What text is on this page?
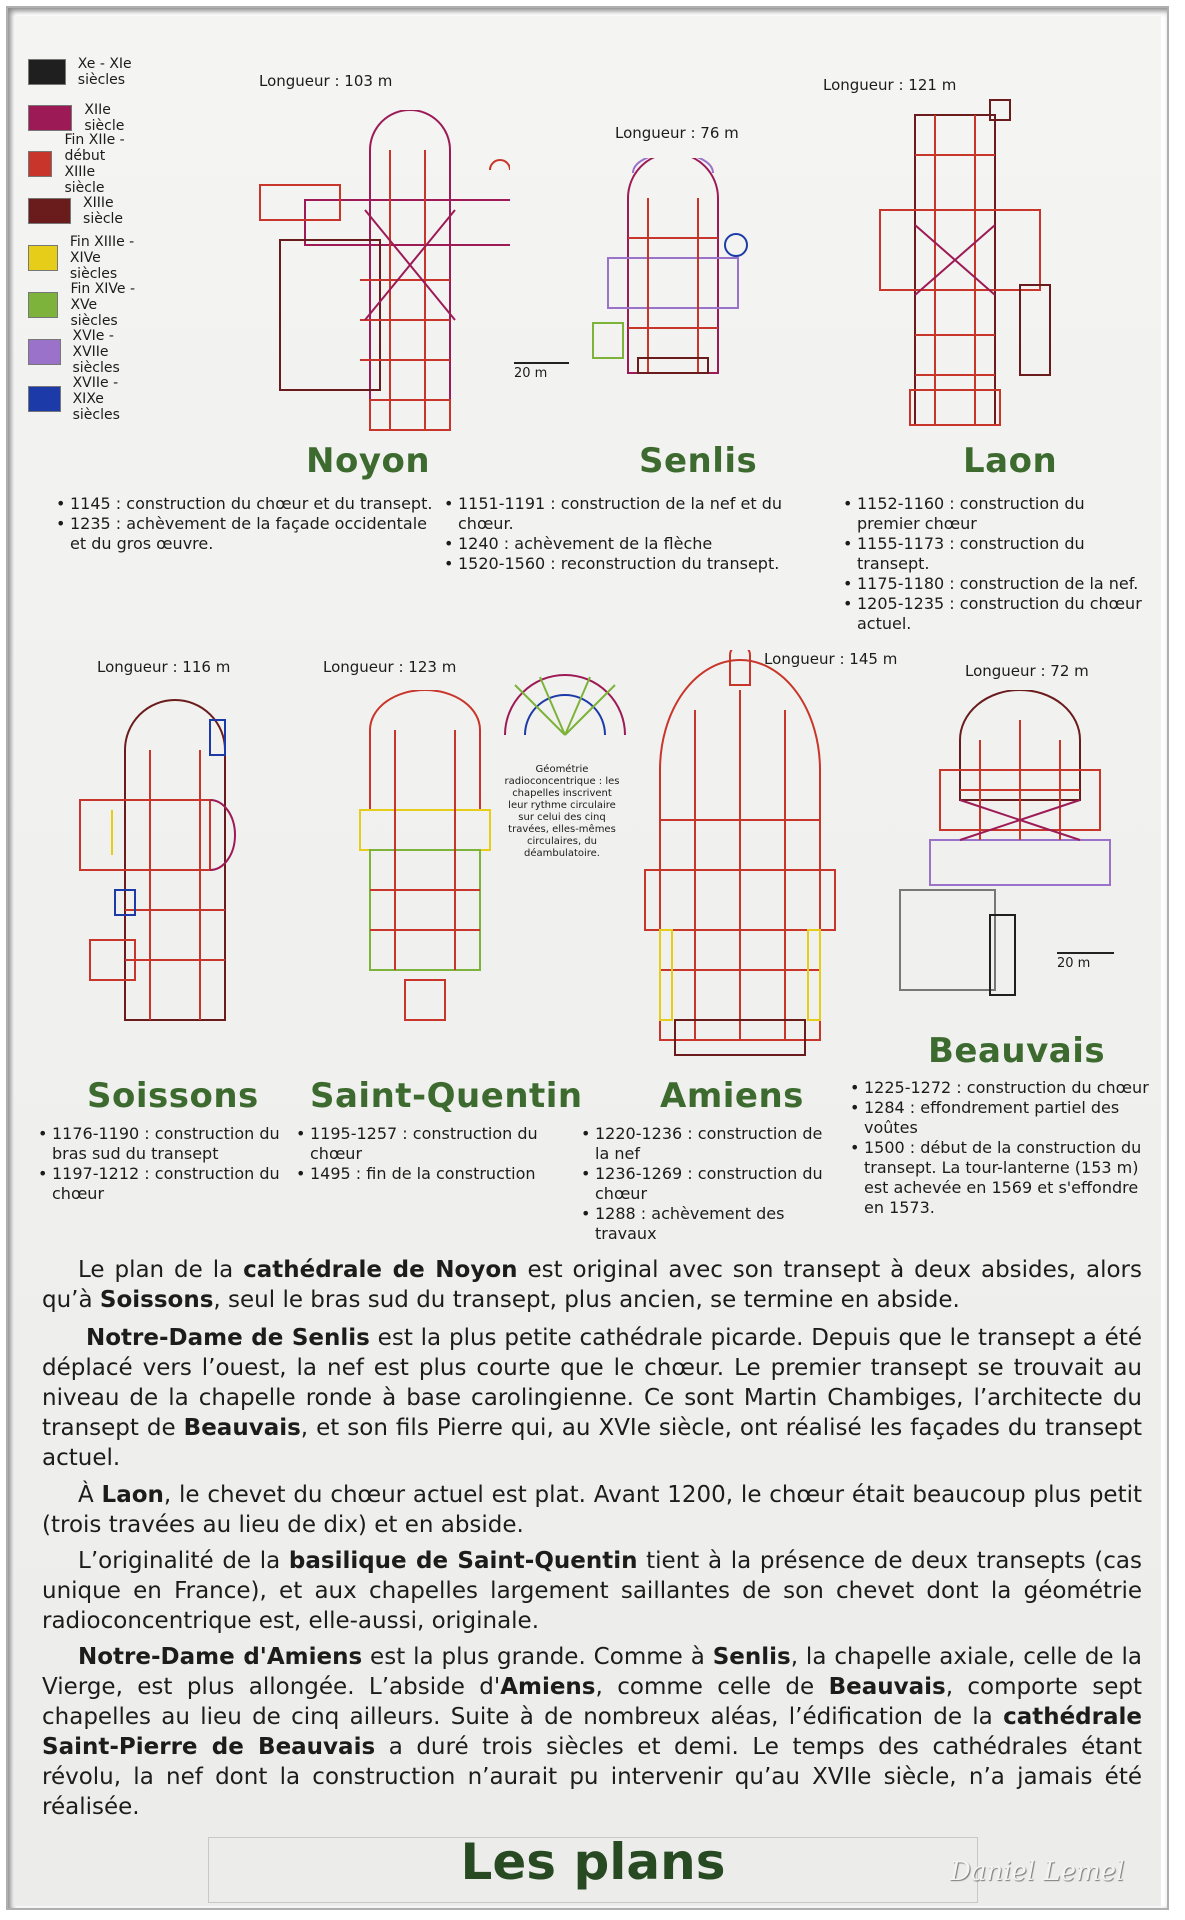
Xe - XIe siècles
XIIe siècle
Fin XIIe - début XIIIe siècle
XIIIe siècle
Fin XIIIe - XIVe siècles
Fin XIVe - XVe siècles
XVIe - XVIIe siècles
XVIIe - XIXe siècles
20 m
20 m
Géométrie radioconcentrique : les chapelles inscrivent leur rythme circulaire sur celui des cinq travées, elles-mêmes circulaires, du déambulatoire.
Longueur : 103 m
Noyon
• 1145 : construction du chœur et du transept.
• 1235 : achèvement de la façade occidentale et du gros œuvre.
Longueur : 76 m
Senlis
• 1151-1191 : construction de la nef et du chœur.
• 1240 : achèvement de la flèche
• 1520-1560 : reconstruction du transept.
Longueur : 121 m
Laon
• 1152-1160 : construction du premier chœur
• 1155-1173 : construction du transept.
• 1175-1180 : construction de la nef.
• 1205-1235 : construction du chœur actuel.
Longueur : 116 m
Soissons
• 1176-1190 : construction du bras sud du transept
• 1197-1212 : construction du chœur
Longueur : 123 m
Saint-Quentin
• 1195-1257 : construction du chœur
• 1495 : fin de la construction
Longueur : 145 m
Amiens
• 1220-1236 : construction de la nef
• 1236-1269 : construction du chœur
• 1288 : achèvement des travaux
Longueur : 72 m
Beauvais
• 1225-1272 : construction du chœur
• 1284 : effondrement partiel des voûtes
• 1500 : début de la construction du transept. La tour-lanterne (153 m) est achevée en 1569 et s'effondre en 1573.

Le plan de la cathédrale de Noyon est original avec son transept à deux absides, alors qu’à Soissons, seul le bras sud du transept, plus ancien, se termine en abside.

Notre-Dame de Senlis est la plus petite cathédrale picarde. Depuis que le transept a été déplacé vers l’ouest, la nef est plus courte que le chœur. Le premier transept se trouvait au niveau de la chapelle ronde à base carolingienne. Ce sont Martin Chambiges, l’architecte du transept de Beauvais, et son fils Pierre qui, au XVIe siècle, ont réalisé les façades du transept actuel.

À Laon, le chevet du chœur actuel est plat. Avant 1200, le chœur était beaucoup plus petit (trois travées au lieu de dix) et en abside.

L’originalité de la basilique de Saint-Quentin tient à la présence de deux transepts (cas unique en France), et aux chapelles largement saillantes de son chevet dont la géométrie radioconcentrique est, elle-aussi, originale.

Notre-Dame d'Amiens est la plus grande. Comme à Senlis, la chapelle axiale, celle de la Vierge, est plus allongée. L’abside d'Amiens, comme celle de Beauvais, comporte sept chapelles au lieu de cinq ailleurs. Suite à de nombreux aléas, l’édification de la cathédrale Saint-Pierre de Beauvais a duré trois siècles et demi. Le temps des cathédrales étant révolu, la nef dont la construction n’aurait pu intervenir qu’au XVIIe siècle, n’a jamais été réalisée.

Les plans	Daniel Lemel
